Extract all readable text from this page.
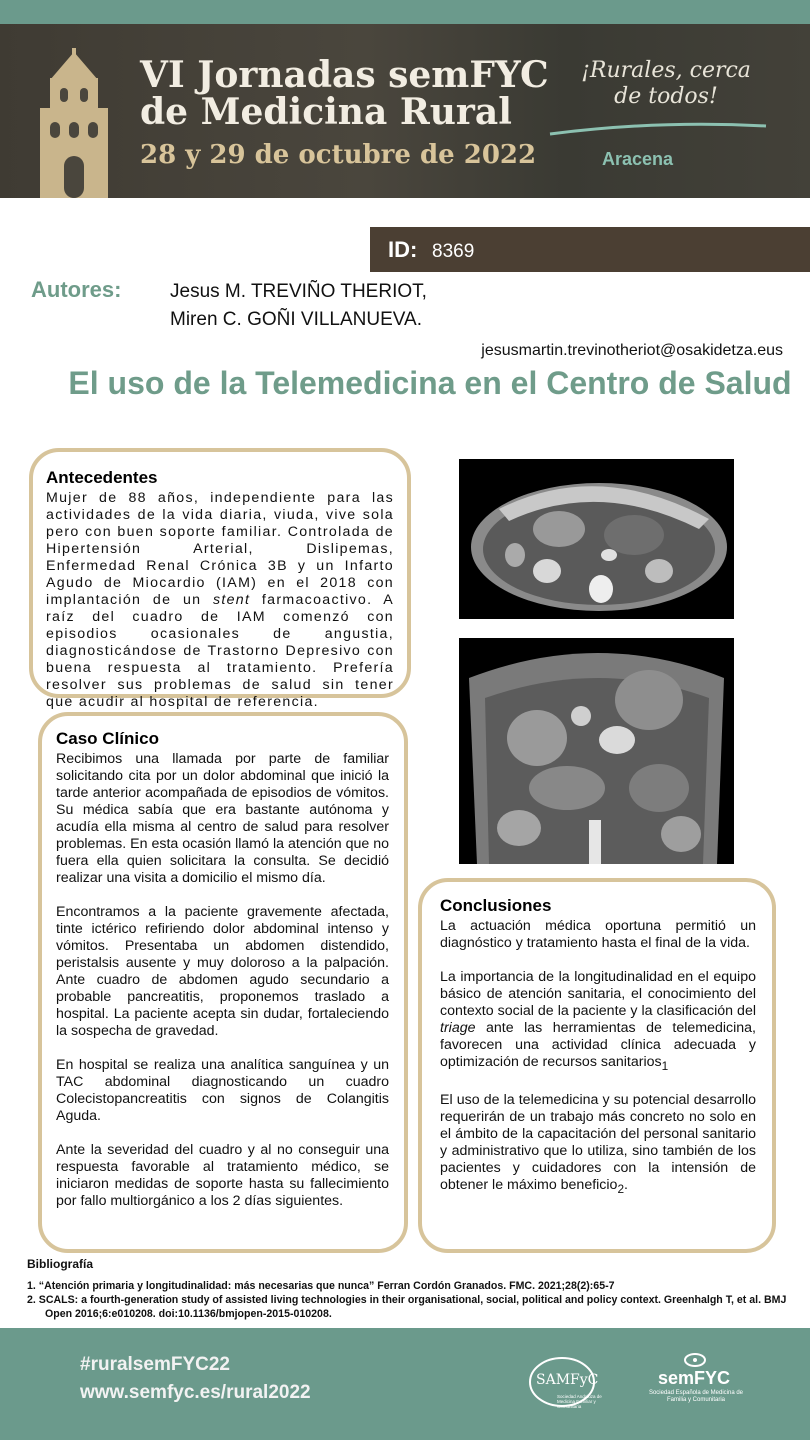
VI Jornadas semFYC
de Medicina Rural
28 y 29 de octubre de 2022
¡Rurales, cerca de todos!
Aracena
ID: 8369
Autores:	Jesus M. TREVIÑO THERIOT,
Miren C. GOÑI VILLANUEVA.
jesusmartin.trevinotheriot@osakidetza.eus
El uso de la Telemedicina en el Centro de Salud
Antecedentes

Mujer de 88 años, independiente para las actividades de la vida diaria, viuda, vive sola pero con buen soporte familiar. Controlada de Hipertensión Arterial, Dislipemas, Enfermedad Renal Crónica 3B y un Infarto Agudo de Miocardio (IAM) en el 2018 con implantación de un stent farmacoactivo. A raíz del cuadro de IAM comenzó con episodios ocasionales de angustia, diagnosticándose de Trastorno Depresivo con buena respuesta al tratamiento. Prefería resolver sus problemas de salud sin tener que acudir al hospital de referencia.

Caso Clínico

Recibimos una llamada por parte de familiar solicitando cita por un dolor abdominal que inició la tarde anterior acompañada de episodios de vómitos. Su médica sabía que era bastante autónoma y acudía ella misma al centro de salud para resolver problemas. En esta ocasión llamó la atención que no fuera ella quien solicitara la consulta. Se decidió realizar una visita a domicilio el mismo día.

Encontramos a la paciente gravemente afectada, tinte ictérico refiriendo dolor abdominal intenso y vómitos. Presentaba un abdomen distendido, peristalsis ausente y muy doloroso a la palpación. Ante cuadro de abdomen agudo secundario a probable pancreatitis, proponemos traslado a hospital. La paciente acepta sin dudar, fortaleciendo la sospecha de gravedad.

En hospital se realiza una analítica sanguínea y un TAC abdominal diagnosticando un cuadro Colecistopancreatitis con signos de Colangitis Aguda.

Ante la severidad del cuadro y al no conseguir una respuesta favorable al tratamiento médico, se iniciaron medidas de soporte hasta su fallecimiento por fallo multiorgánico a los 2 días siguientes.

Conclusiones

La actuación médica oportuna permitió un diagnóstico y tratamiento hasta el final de la vida.

La importancia de la longitudinalidad en el equipo básico de atención sanitaria, el conocimiento del contexto social de la paciente y la clasificación del triage ante las herramientas de telemedicina, favorecen una actividad clínica adecuada y optimización de recursos sanitarios$_1$

El uso de la telemedicina y su potencial desarrollo requerirán de un trabajo más concreto no solo en el ámbito de la capacitación del personal sanitario y administrativo que lo utiliza, sino también de los pacientes y cuidadores con la intensión de obtener le máximo beneficio$_2$.

Bibliografía
1. “Atención primaria y longitudinalidad: más necesarias que nunca” Ferran Cordón Granados. FMC. 2021;28(2):65-7
2. SCALS: a fourth-generation study of assisted living technologies in their organisational, social, political and policy context. Greenhalgh T, et al. BMJ Open 2016;6:e010208. doi:10.1136/bmjopen-2015-010208.
#ruralsemFYC22
www.semfyc.es/rural2022
SAMFyC
Sociedad Andaluza de Medicina Familiar y Comunitaria
semFYC
Sociedad Española de Medicina de Familia y Comunitaria
